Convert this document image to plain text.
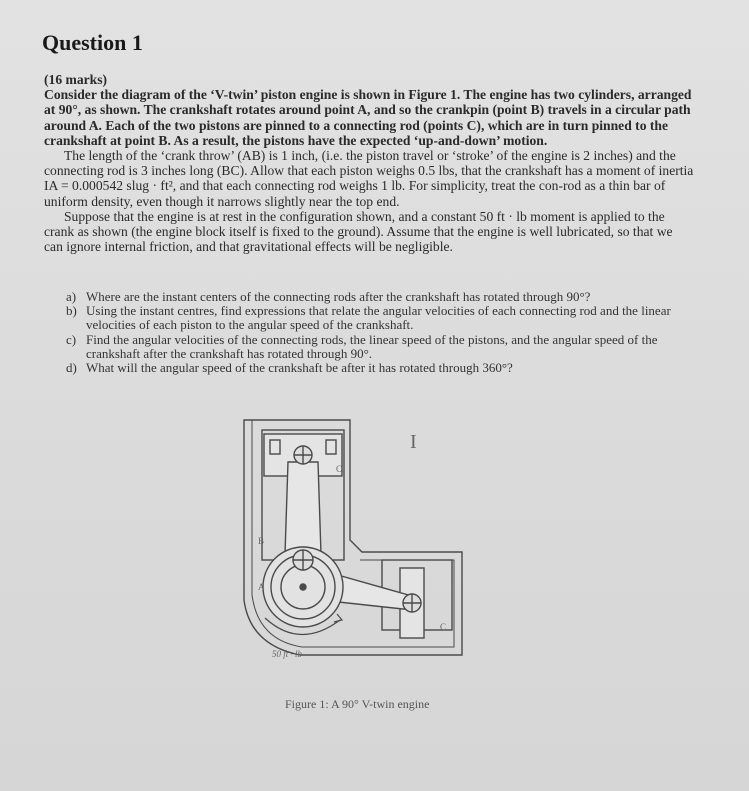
Question 1

(16 marks)

Consider the diagram of the ‘V-twin’ piston engine is shown in Figure 1. The engine has two cylinders, arranged at 90°, as shown. The crankshaft rotates around point A, and so the crankpin (point B) travels in a circular path around A. Each of the two pistons are pinned to a connecting rod (points C), which are in turn pinned to the crankshaft at point B. As a result, the pistons have the expected ‘up-and-down’ motion.

The length of the ‘crank throw’ (AB) is 1 inch, (i.e. the piston travel or ‘stroke’ of the engine is 2 inches) and the connecting rod is 3 inches long (BC). Allow that each piston weighs 0.5 lbs, that the crankshaft has a moment of inertia IA = 0.000542 slug · ft², and that each connecting rod weighs 1 lb. For simplicity, treat the con-rod as a thin bar of uniform density, even though it narrows slightly near the top end.

Suppose that the engine is at rest in the configuration shown, and a constant 50 ft · lb moment is applied to the crank as shown (the engine block itself is fixed to the ground). Assume that the engine is well lubricated, so that we can ignore internal friction, and that gravitational effects will be negligible.

a) Where are the instant centers of the connecting rods after the crankshaft has rotated through 90°?
b) Using the instant centres, find expressions that relate the angular velocities of each connecting rod and the linear velocities of each piston to the angular speed of the crankshaft.
c) Find the angular velocities of the connecting rods, the linear speed of the pistons, and the angular speed of the crankshaft after the crankshaft has rotated through 90°.
d) What will the angular speed of the crankshaft be after it has rotated through 360°?
I
C
B
A
C
50 ft · lb
Figure 1: A 90° V-twin engine
